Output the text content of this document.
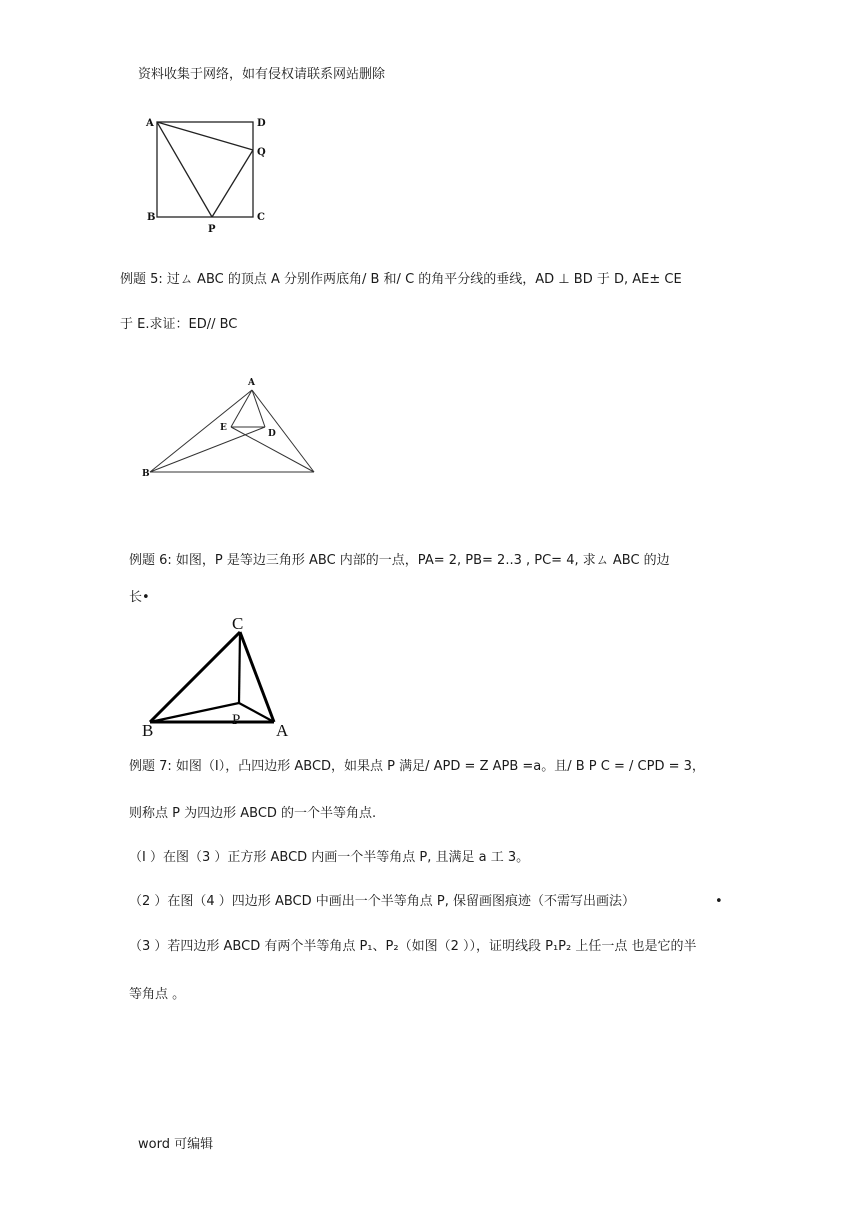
资料收集于网络，如有侵权请联系网站删除
A	D
Q
B	C
P
例题 5: 过ㄙ ABC 的顶点 A 分别作两底角/ B 和/ C 的角平分线的垂线，AD ⊥ BD 于 D, AE± CE
于 E.求证：ED// BC
A
E
D
B
例题 6: 如图，P 是等边三角形 ABC 内部的一点，PA= 2, PB= 2..3 , PC= 4, 求ㄙ ABC 的边
长•
C
P
B	A
例题 7: 如图（I），凸四边形 ABCD，如果点 P 满足/ APD = Z APB =a。且/ B P C = / CPD = 3，
则称点 P 为四边形 ABCD 的一个半等角点.
（I ）在图（3 ）正方形 ABCD 内画一个半等角点 P, 且满足 a 工 3。
（2 ）在图（4 ）四边形 ABCD 中画出一个半等角点 P, 保留画图痕迹（不需写出画法）	•
（3 ）若四边形 ABCD 有两个半等角点 P₁、P₂（如图（2 ）），证明线段 P₁P₂ 上任一点 也是它的半
等角点 。
word 可编辑
